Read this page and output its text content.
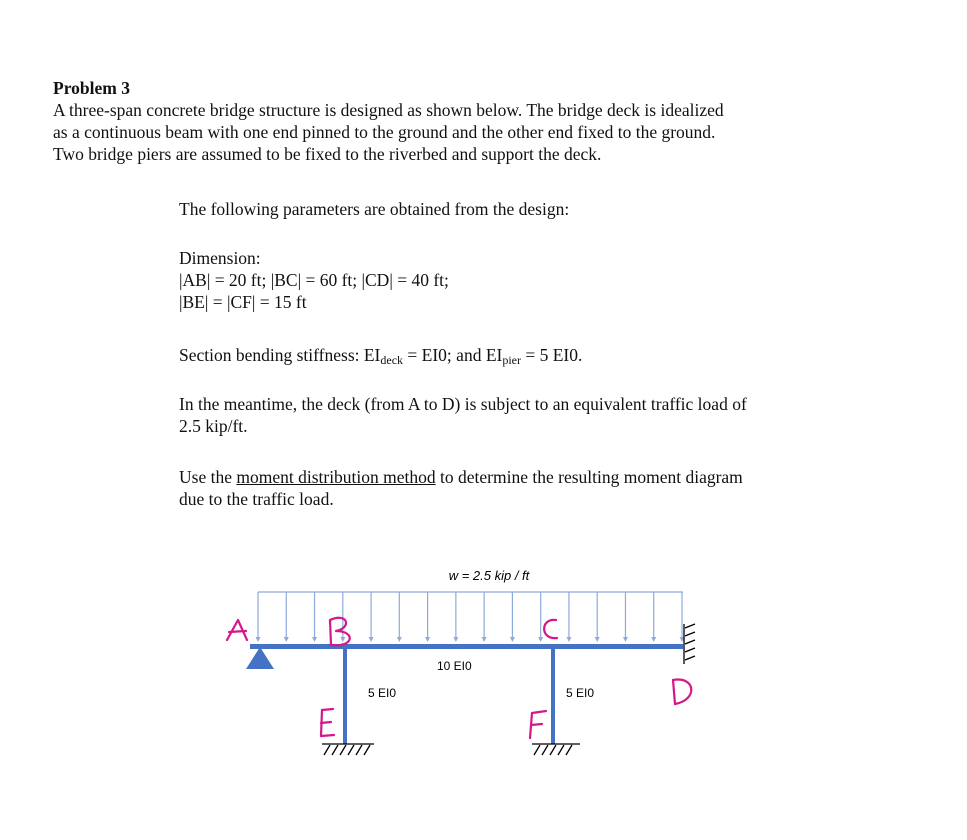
Problem 3
A three-span concrete bridge structure is designed as shown below. The bridge deck is idealized
as a continuous beam with one end pinned to the ground and the other end fixed to the ground.
Two bridge piers are assumed to be fixed to the riverbed and support the deck.
The following parameters are obtained from the design:
Dimension:
|AB| = 20 ft; |BC| = 60 ft; |CD| = 40 ft;
|BE| = |CF| = 15 ft
Section bending stiffness: $EI_{deck} = EI0$; and $EI_{pier} = 5$ EI0.
In the meantime, the deck (from A to D) is subject to an equivalent traffic load of
2.5 kip/ft.
Use the moment distribution method to determine the resulting moment diagram
due to the traffic load.
w = 2.5 kip / ft
10 EI0
5 EI0	5 EI0
